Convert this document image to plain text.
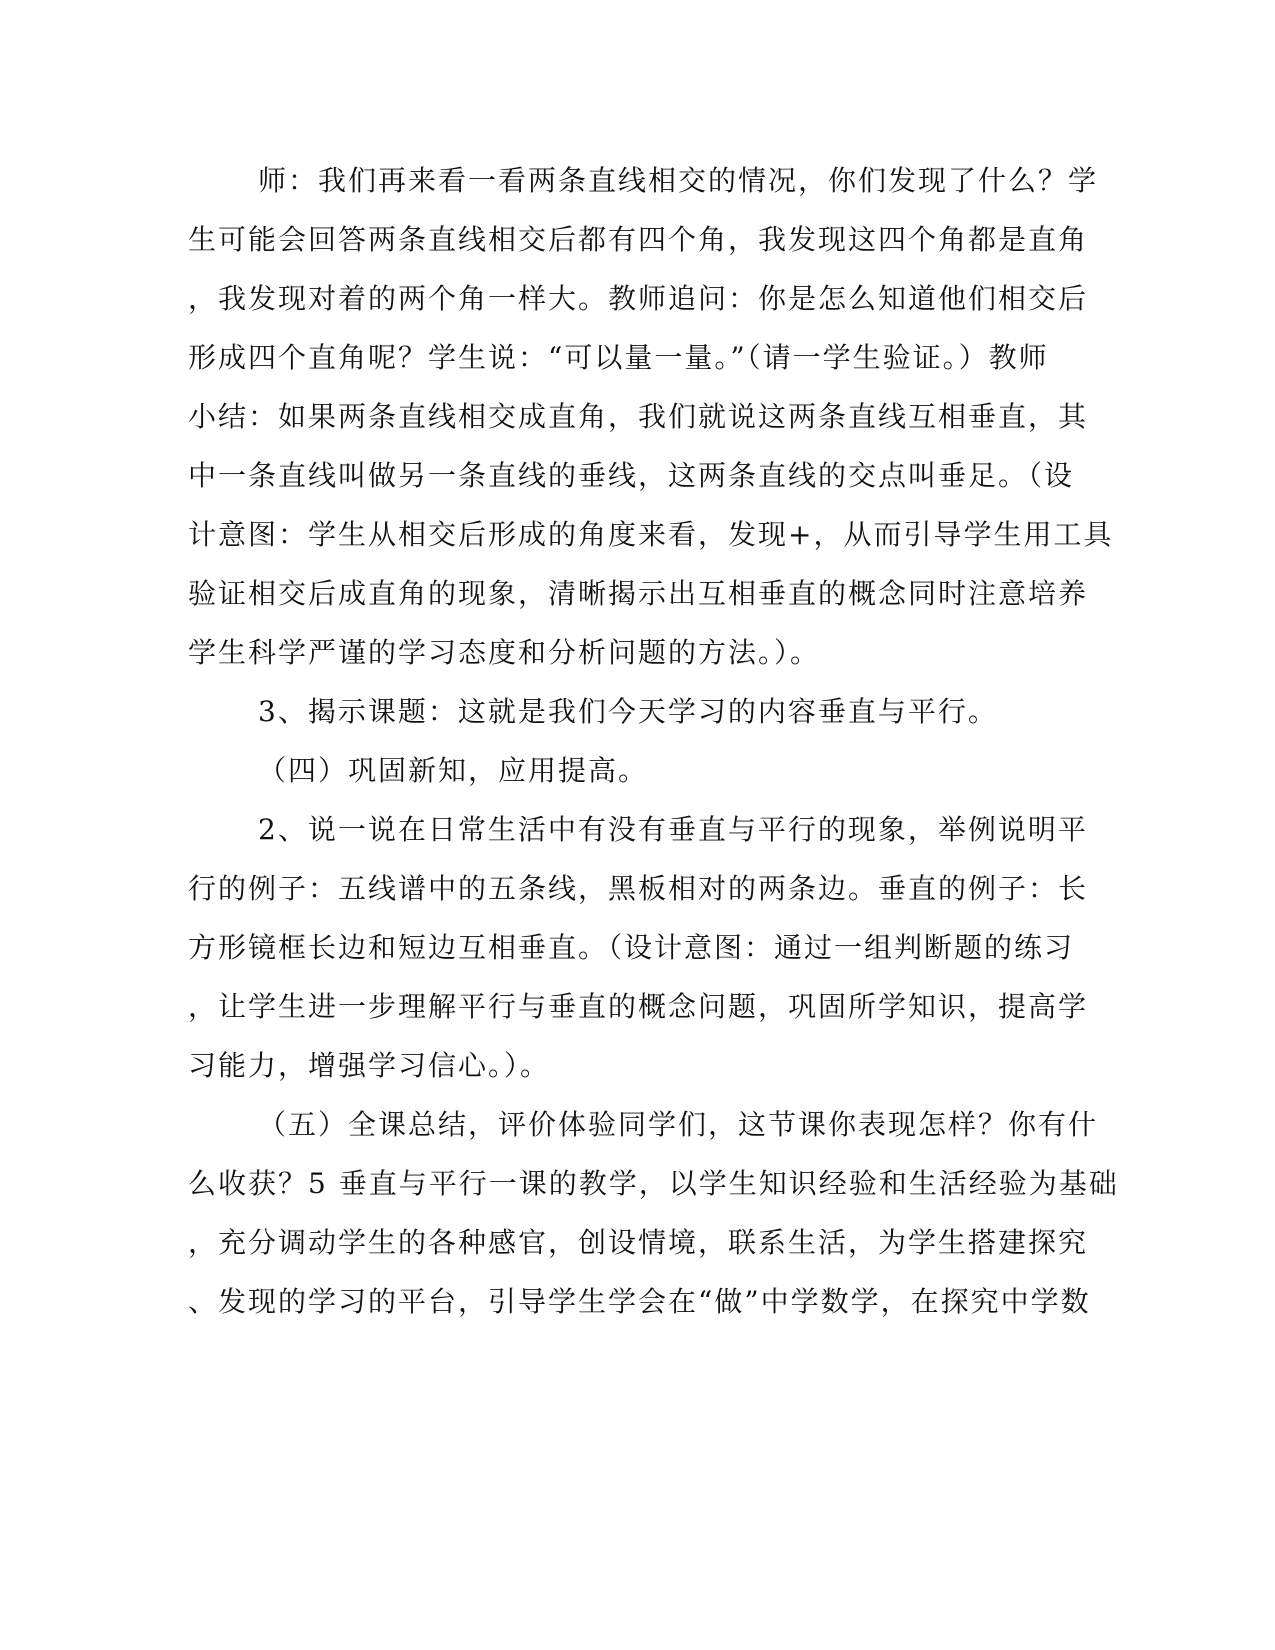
师：我们再来看一看两条直线相交的情况，你们发现了什么？学

生可能会回答两条直线相交后都有四个角，我发现这四个角都是直角

，我发现对着的两个角一样大。教师追问：你是怎么知道他们相交后

形成四个直角呢？学生说：“可以量一量。”（请一学生验证。）教师

小结：如果两条直线相交成直角，我们就说这两条直线互相垂直，其

中一条直线叫做另一条直线的垂线，这两条直线的交点叫垂足。（设

计意图：学生从相交后形成的角度来看，发现+，从而引导学生用工具

验证相交后成直角的现象，清晰揭示出互相垂直的概念同时注意培养

学生科学严谨的学习态度和分析问题的方法。）。

3、揭示课题：这就是我们今天学习的内容垂直与平行。

（四）巩固新知，应用提高。

2、说一说在日常生活中有没有垂直与平行的现象，举例说明平

行的例子：五线谱中的五条线，黑板相对的两条边。垂直的例子：长

方形镜框长边和短边互相垂直。（设计意图：通过一组判断题的练习

，让学生进一步理解平行与垂直的概念问题，巩固所学知识，提高学

习能力，增强学习信心。）。

（五）全课总结，评价体验同学们，这节课你表现怎样？你有什

么收获？5 垂直与平行一课的教学，以学生知识经验和生活经验为基础

，充分调动学生的各种感官，创设情境，联系生活，为学生搭建探究

、发现的学习的平台，引导学生学会在“做”中学数学，在探究中学数
